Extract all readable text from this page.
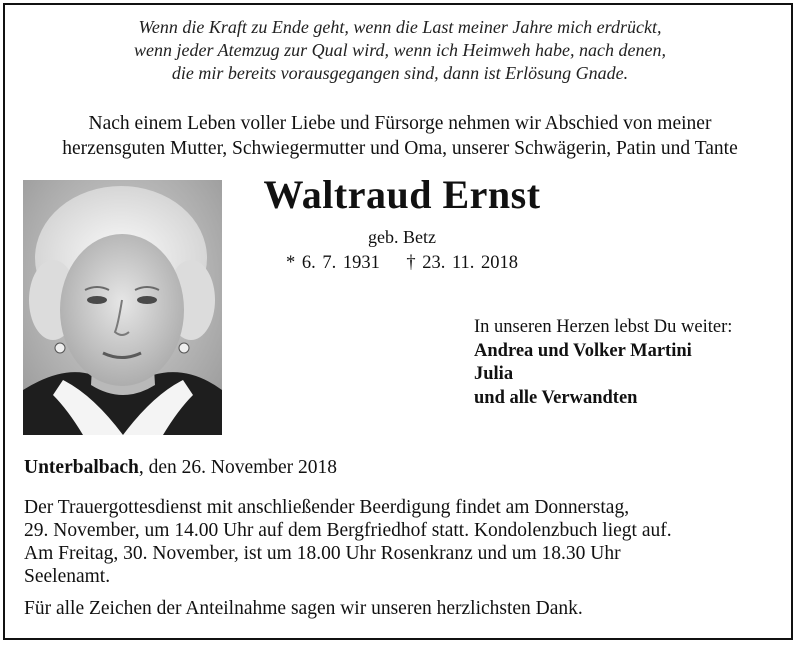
Wenn die Kraft zu Ende geht, wenn die Last meiner Jahre mich erdrückt,
wenn jeder Atemzug zur Qual wird, wenn ich Heimweh habe, nach denen,
die mir bereits vorausgegangen sind, dann ist Erlösung Gnade.
Nach einem Leben voller Liebe und Fürsorge nehmen wir Abschied von meiner
herzensguten Mutter, Schwiegermutter und Oma, unserer Schwägerin, Patin und Tante
Waltraud Ernst
geb. Betz
* 6. 7. 1931 † 23. 11. 2018
In unseren Herzen lebst Du weiter:
Andrea und Volker Martini
Julia
und alle Verwandten
Unterbalbach, den 26. November 2018
Der Trauergottesdienst mit anschließender Beerdigung findet am Donnerstag,
29. November, um 14.00 Uhr auf dem Bergfriedhof statt. Kondolenzbuch liegt auf.
Am Freitag, 30. November, ist um 18.00 Uhr Rosenkranz und um 18.30 Uhr
Seelenamt.
Für alle Zeichen der Anteilnahme sagen wir unseren herzlichsten Dank.
